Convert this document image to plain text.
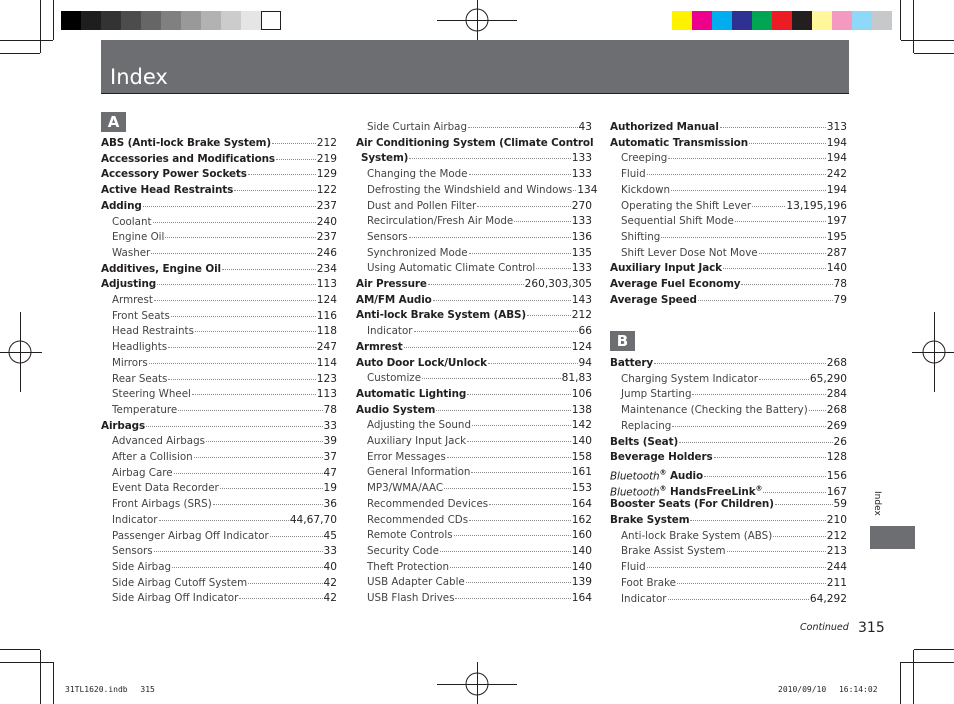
Index
A
B
ABS (Anti-lock Brake System)	212
Accessories and Modifications	219
Accessory Power Sockets	129
Active Head Restraints	122
Adding	237
Coolant	240
Engine Oil	237
Washer	246
Additives, Engine Oil	234
Adjusting	113
Armrest	124
Front Seats	116
Head Restraints	118
Headlights	247
Mirrors	114
Rear Seats	123
Steering Wheel	113
Temperature	78
Airbags	33
Advanced Airbags	39
After a Collision	37
Airbag Care	47
Event Data Recorder	19
Front Airbags (SRS)	36
Indicator	44,67,70
Passenger Airbag Off Indicator	45
Sensors	33
Side Airbag	40
Side Airbag Cutoff System	42
Side Airbag Off Indicator	42
Side Curtain Airbag	43
Air Conditioning System (Climate Control
System)	133
Changing the Mode	133
Defrosting the Windshield and Windows 134
Dust and Pollen Filter	270
Recirculation/Fresh Air Mode	133
Sensors	136
Synchronized Mode	135
Using Automatic Climate Control	133
Air Pressure	260,303,305
AM/FM Audio	143
Anti-lock Brake System (ABS)	212
Indicator	66
Armrest	124
Auto Door Lock/Unlock	94
Customize	81,83
Automatic Lighting	106
Audio System	138
Adjusting the Sound	142
Auxiliary Input Jack	140
Error Messages	158
General Information	161
MP3/WMA/AAC	153
Recommended Devices	164
Recommended CDs	162
Remote Controls	160
Security Code	140
Theft Protection	140
USB Adapter Cable	139
USB Flash Drives	164
Authorized Manual	313
Automatic Transmission	194
Creeping	194
Fluid	242
Kickdown	194
Operating the Shift Lever	13,195,196
Sequential Shift Mode	197
Shifting	195
Shift Lever Dose Not Move	287
Auxiliary Input Jack	140
Average Fuel Economy	78
Average Speed	79
Battery	268
Charging System Indicator	65,290
Jump Starting	284
Maintenance (Checking the Battery) 268
Replacing	269
Belts (Seat)	26
Beverage Holders	128
Bluetooth® Audio	156
Bluetooth® HandsFreeLink®	167
Booster Seats (For Children)	59
Brake System	210
Anti-lock Brake System (ABS)	212
Brake Assist System	213
Fluid	244
Foot Brake	211
Indicator	64,292
Index
Continued 315
31TL1620.indb　 315	2010/09/10　 16:14:02
